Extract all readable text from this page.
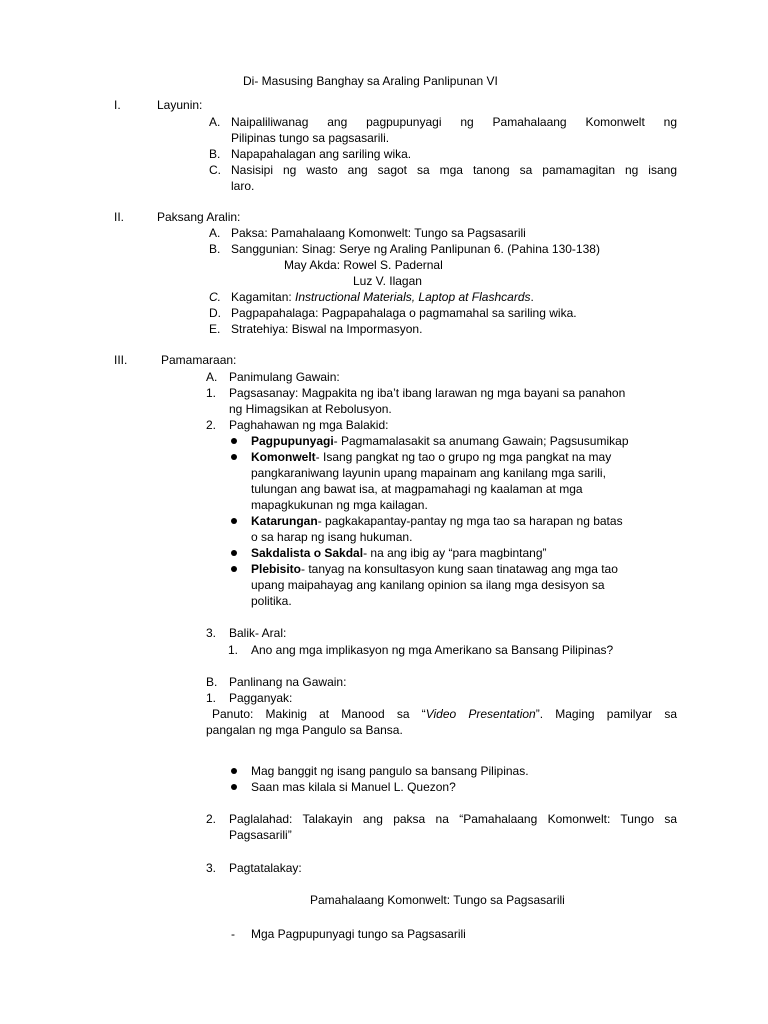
Di- Masusing Banghay sa Araling Panlipunan VI
I.	Layunin:
A. Naipaliliwanag ang pagpupunyagi ng Pamahalaang Komonwelt ng
Pilipinas tungo sa pagsasarili.
B. Napapahalagan ang sariling wika.
C. Nasisipi ng wasto ang sagot sa mga tanong sa pamamagitan ng isang
laro.
II.	Paksang Aralin:
A. Paksa: Pamahalaang Komonwelt: Tungo sa Pagsasarili
B. Sanggunian: Sinag: Serye ng Araling Panlipunan 6. (Pahina 130-138)
May Akda: Rowel S. Padernal
Luz V. Ilagan
C. Kagamitan: Instructional Materials, Laptop at Flashcards.
D. Pagpapahalaga: Pagpapahalaga o pagmamahal sa sariling wika.
E. Stratehiya: Biswal na Impormasyon.
III.	Pamamaraan:
A. Panimulang Gawain:
1. Pagsasanay: Magpakita ng iba’t ibang larawan ng mga bayani sa panahon
ng Himagsikan at Rebolusyon.
2. Paghahawan ng mga Balakid:
Pagpupunyagi- Pagmamalasakit sa anumang Gawain; Pagsusumikap
Komonwelt- Isang pangkat ng tao o grupo ng mga pangkat na may
pangkaraniwang layunin upang mapainam ang kanilang mga sarili,
tulungan ang bawat isa, at magpamahagi ng kaalaman at mga
mapagkukunan ng mga kailagan.
Katarungan- pagkakapantay-pantay ng mga tao sa harapan ng batas
o sa harap ng isang hukuman.
Sakdalista o Sakdal- na ang ibig ay “para magbintang”
Plebisito- tanyag na konsultasyon kung saan tinatawag ang mga tao
upang maipahayag ang kanilang opinion sa ilang mga desisyon sa
politika.
3. Balik- Aral:
1. Ano ang mga implikasyon ng mga Amerikano sa Bansang Pilipinas?
B. Panlinang na Gawain:
1. Pagganyak:
Panuto: Makinig at Manood sa “Video Presentation”. Maging pamilyar sa
pangalan ng mga Pangulo sa Bansa.
Mag banggit ng isang pangulo sa bansang Pilipinas.
Saan mas kilala si Manuel L. Quezon?
2. Paglalahad: Talakayin ang paksa na “Pamahalaang Komonwelt: Tungo sa
Pagsasarili”
3. Pagtatalakay:
Pamahalaang Komonwelt: Tungo sa Pagsasarili
- Mga Pagpupunyagi tungo sa Pagsasarili
